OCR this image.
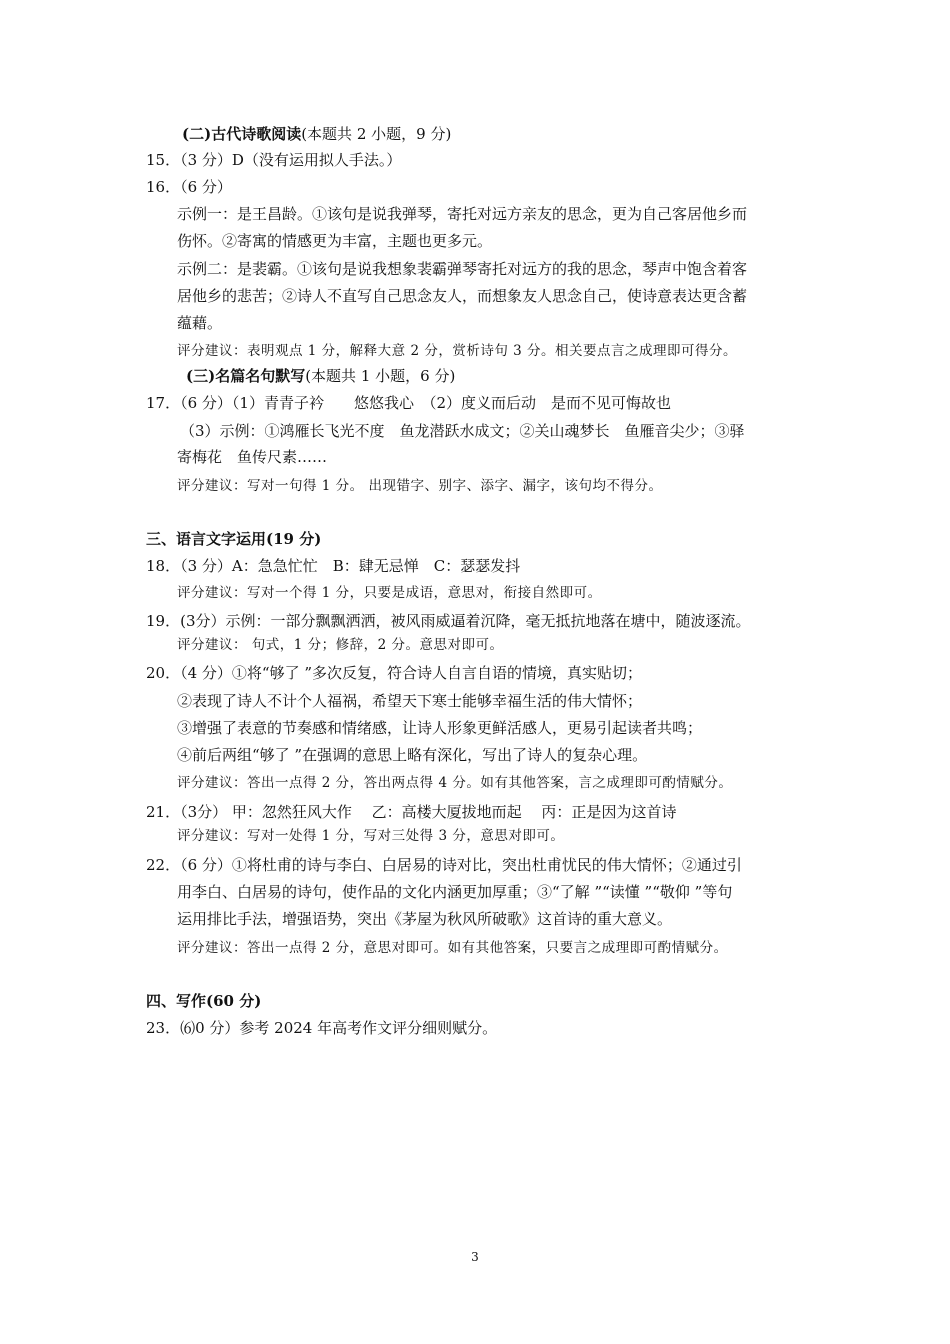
(二)古代诗歌阅读(本题共 2 小题，9 分)
15．（3 分）D（没有运用拟人手法。）
16．（6 分）
示例一：是王昌龄。①该句是说我弹琴，寄托对远方亲友的思念，更为自己客居他乡而
伤怀。②寄寓的情感更为丰富，主题也更多元。
示例二：是裴霸。①该句是说我想象裴霸弹琴寄托对远方的我的思念，琴声中饱含着客
居他乡的悲苦；②诗人不直写自己思念友人，而想象友人思念自己，使诗意表达更含蓄
蕴藉。
评分建议：表明观点 1 分，解释大意 2 分，赏析诗句 3 分。相关要点言之成理即可得分。
(三)名篇名句默写(本题共 1 小题，6 分)
17．（6 分）（1）青青子衿　　悠悠我心　（2）度义而后动　是而不见可悔故也
（3）示例：①鸿雁长飞光不度　鱼龙潜跃水成文；②关山魂梦长　鱼雁音尖少；③驿
寄梅花　鱼传尺素……
评分建议：写对一句得 1 分。 出现错字、别字、添字、漏字，该句均不得分。
三、语言文字运用(19 分)
18．（3 分）A：急急忙忙　B：肆无忌惮　C：瑟瑟发抖
评分建议：写对一个得 1 分，只要是成语，意思对，衔接自然即可。
19．(3分）示例：一部分飘飘洒洒，被风雨威逼着沉降，毫无抵抗地落在塘中，随波逐流。
评分建议： 句式，1 分；修辞，2 分。意思对即可。
20．（4 分）①将“够了 ”多次反复，符合诗人自言自语的情境，真实贴切；
②表现了诗人不计个人福祸，希望天下寒士能够幸福生活的伟大情怀；
③增强了表意的节奏感和情绪感，让诗人形象更鲜活感人，更易引起读者共鸣；
④前后两组“够了 ”在强调的意思上略有深化，写出了诗人的复杂心理。
评分建议：答出一点得 2 分，答出两点得 4 分。如有其他答案，言之成理即可酌情赋分。
21．（3分） 甲：忽然狂风大作　 乙：高楼大厦拔地而起　 丙：正是因为这首诗
评分建议：写对一处得 1 分，写对三处得 3 分，意思对即可。
22．（6 分）①将杜甫的诗与李白、白居易的诗对比，突出杜甫忧民的伟大情怀；②通过引
用李白、白居易的诗句，使作品的文化内涵更加厚重；③“了解 ”“读懂 ”“敬仰 ”等句
运用排比手法，增强语势，突出《茅屋为秋风所破歌》这首诗的重大意义。
评分建议：答出一点得 2 分，意思对即可。如有其他答案，只要言之成理即可酌情赋分。
四、写作(60 分)
23．⑹0 分）参考 2024 年高考作文评分细则赋分。
3
